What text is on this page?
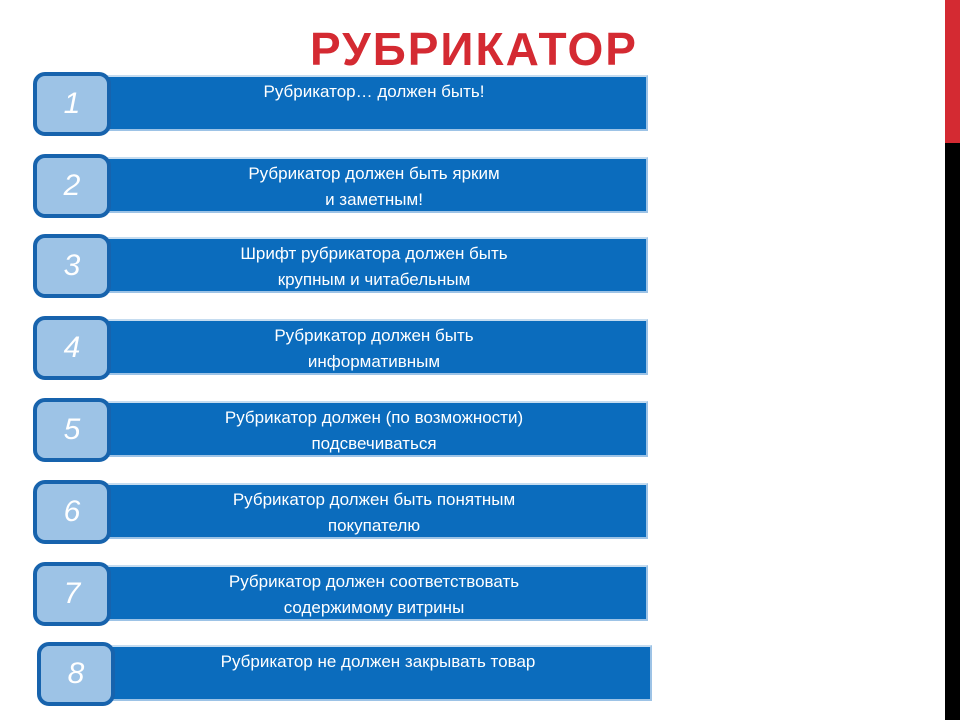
РУБРИКАТОР
Рубрикатор… должен быть!
1
Рубрикатор должен быть ярким
и заметным!
2
Шрифт рубрикатора должен быть
крупным и читабельным
3
Рубрикатор должен быть
информативным
4
Рубрикатор должен (по возможности)
подсвечиваться
5
Рубрикатор должен быть понятным
покупателю
6
Рубрикатор должен соответствовать
содержимому витрины
7
Рубрикатор не должен закрывать товар
8
